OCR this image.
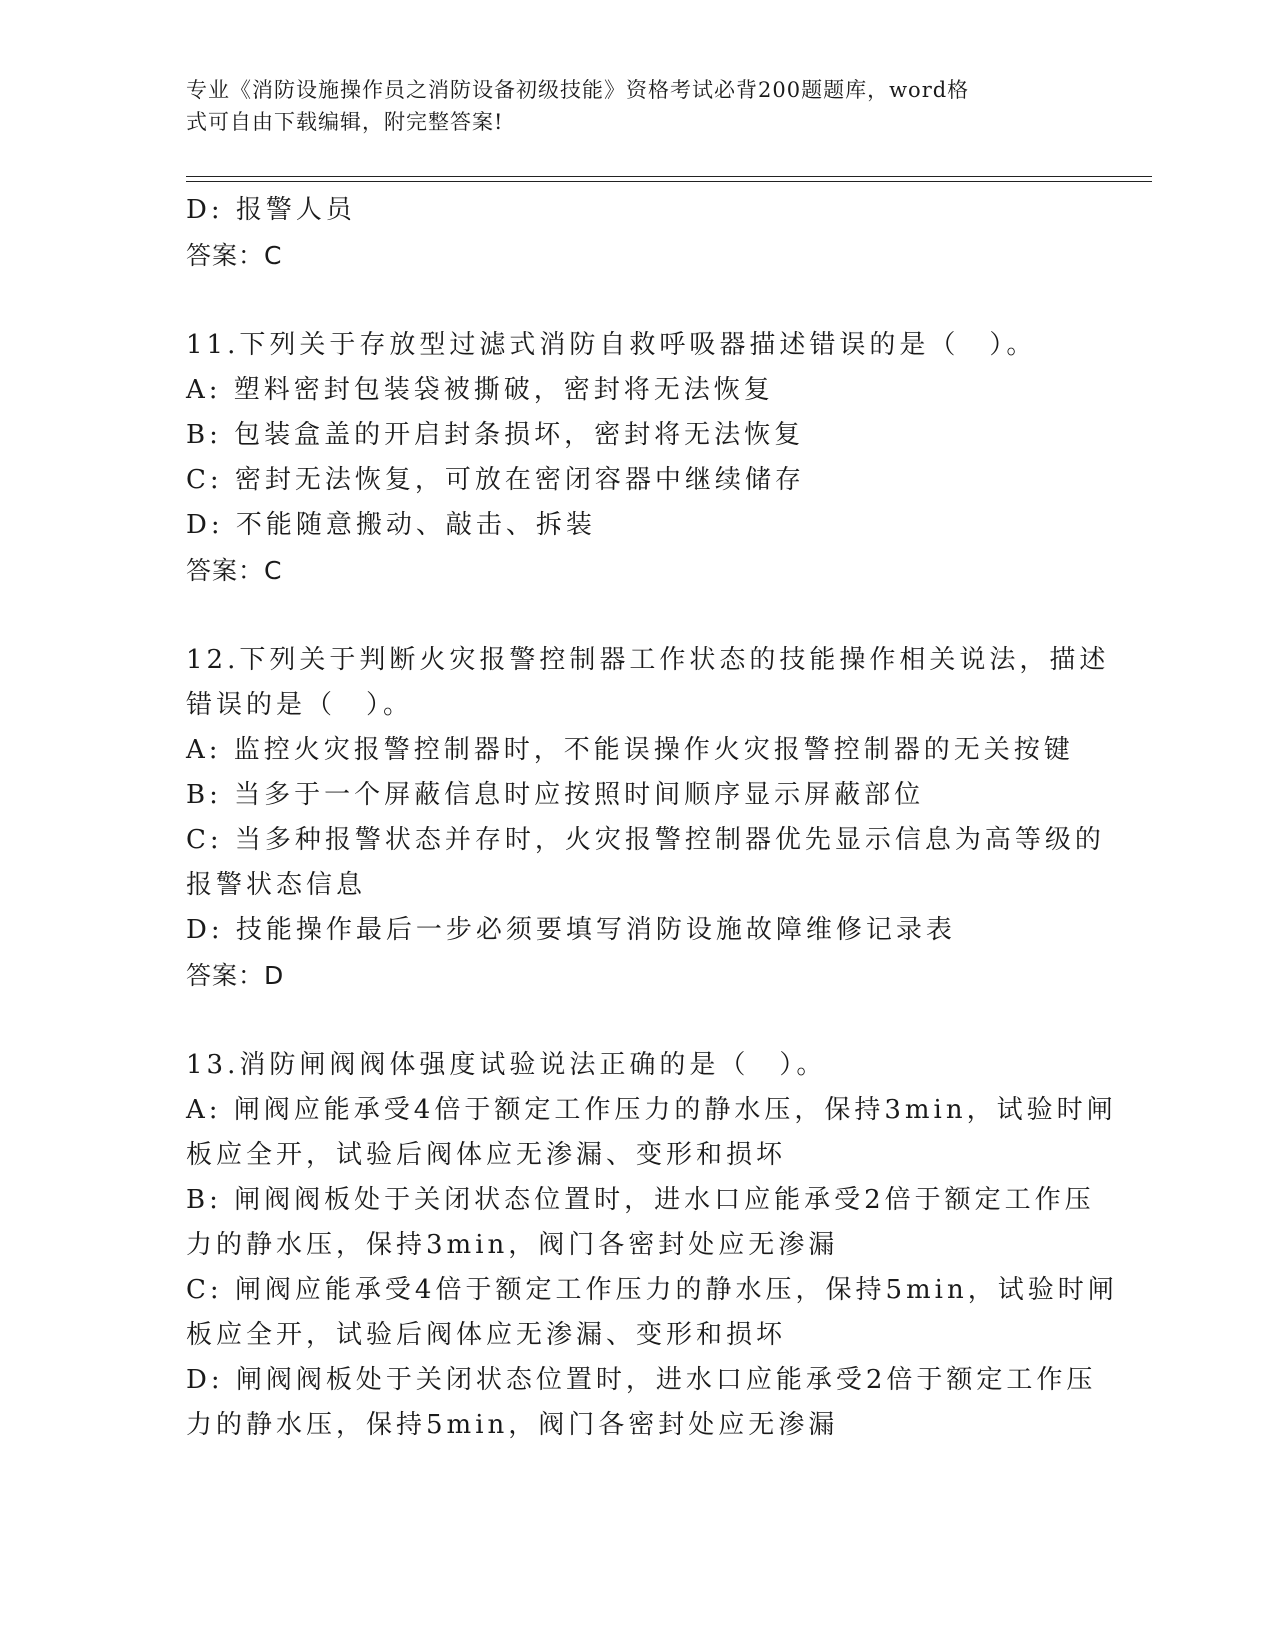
专业《消防设施操作员之消防设备初级技能》资格考试必背200题题库，word格
式可自由下载编辑，附完整答案!
D: 报警人员
答案：C
11.下列关于存放型过滤式消防自救呼吸器描述错误的是（　）。
A: 塑料密封包装袋被撕破，密封将无法恢复
B: 包装盒盖的开启封条损坏，密封将无法恢复
C: 密封无法恢复，可放在密闭容器中继续储存
D: 不能随意搬动、敲击、拆装
答案：C
12.下列关于判断火灾报警控制器工作状态的技能操作相关说法，描述
错误的是（　）。
A: 监控火灾报警控制器时，不能误操作火灾报警控制器的无关按键
B: 当多于一个屏蔽信息时应按照时间顺序显示屏蔽部位
C: 当多种报警状态并存时，火灾报警控制器优先显示信息为高等级的
报警状态信息
D: 技能操作最后一步必须要填写消防设施故障维修记录表
答案：D
13.消防闸阀阀体强度试验说法正确的是（　）。
A: 闸阀应能承受4倍于额定工作压力的静水压，保持3min，试验时闸
板应全开，试验后阀体应无渗漏、变形和损坏
B: 闸阀阀板处于关闭状态位置时，进水口应能承受2倍于额定工作压
力的静水压，保持3min，阀门各密封处应无渗漏
C: 闸阀应能承受4倍于额定工作压力的静水压，保持5min，试验时闸
板应全开，试验后阀体应无渗漏、变形和损坏
D: 闸阀阀板处于关闭状态位置时，进水口应能承受2倍于额定工作压
力的静水压，保持5min，阀门各密封处应无渗漏
